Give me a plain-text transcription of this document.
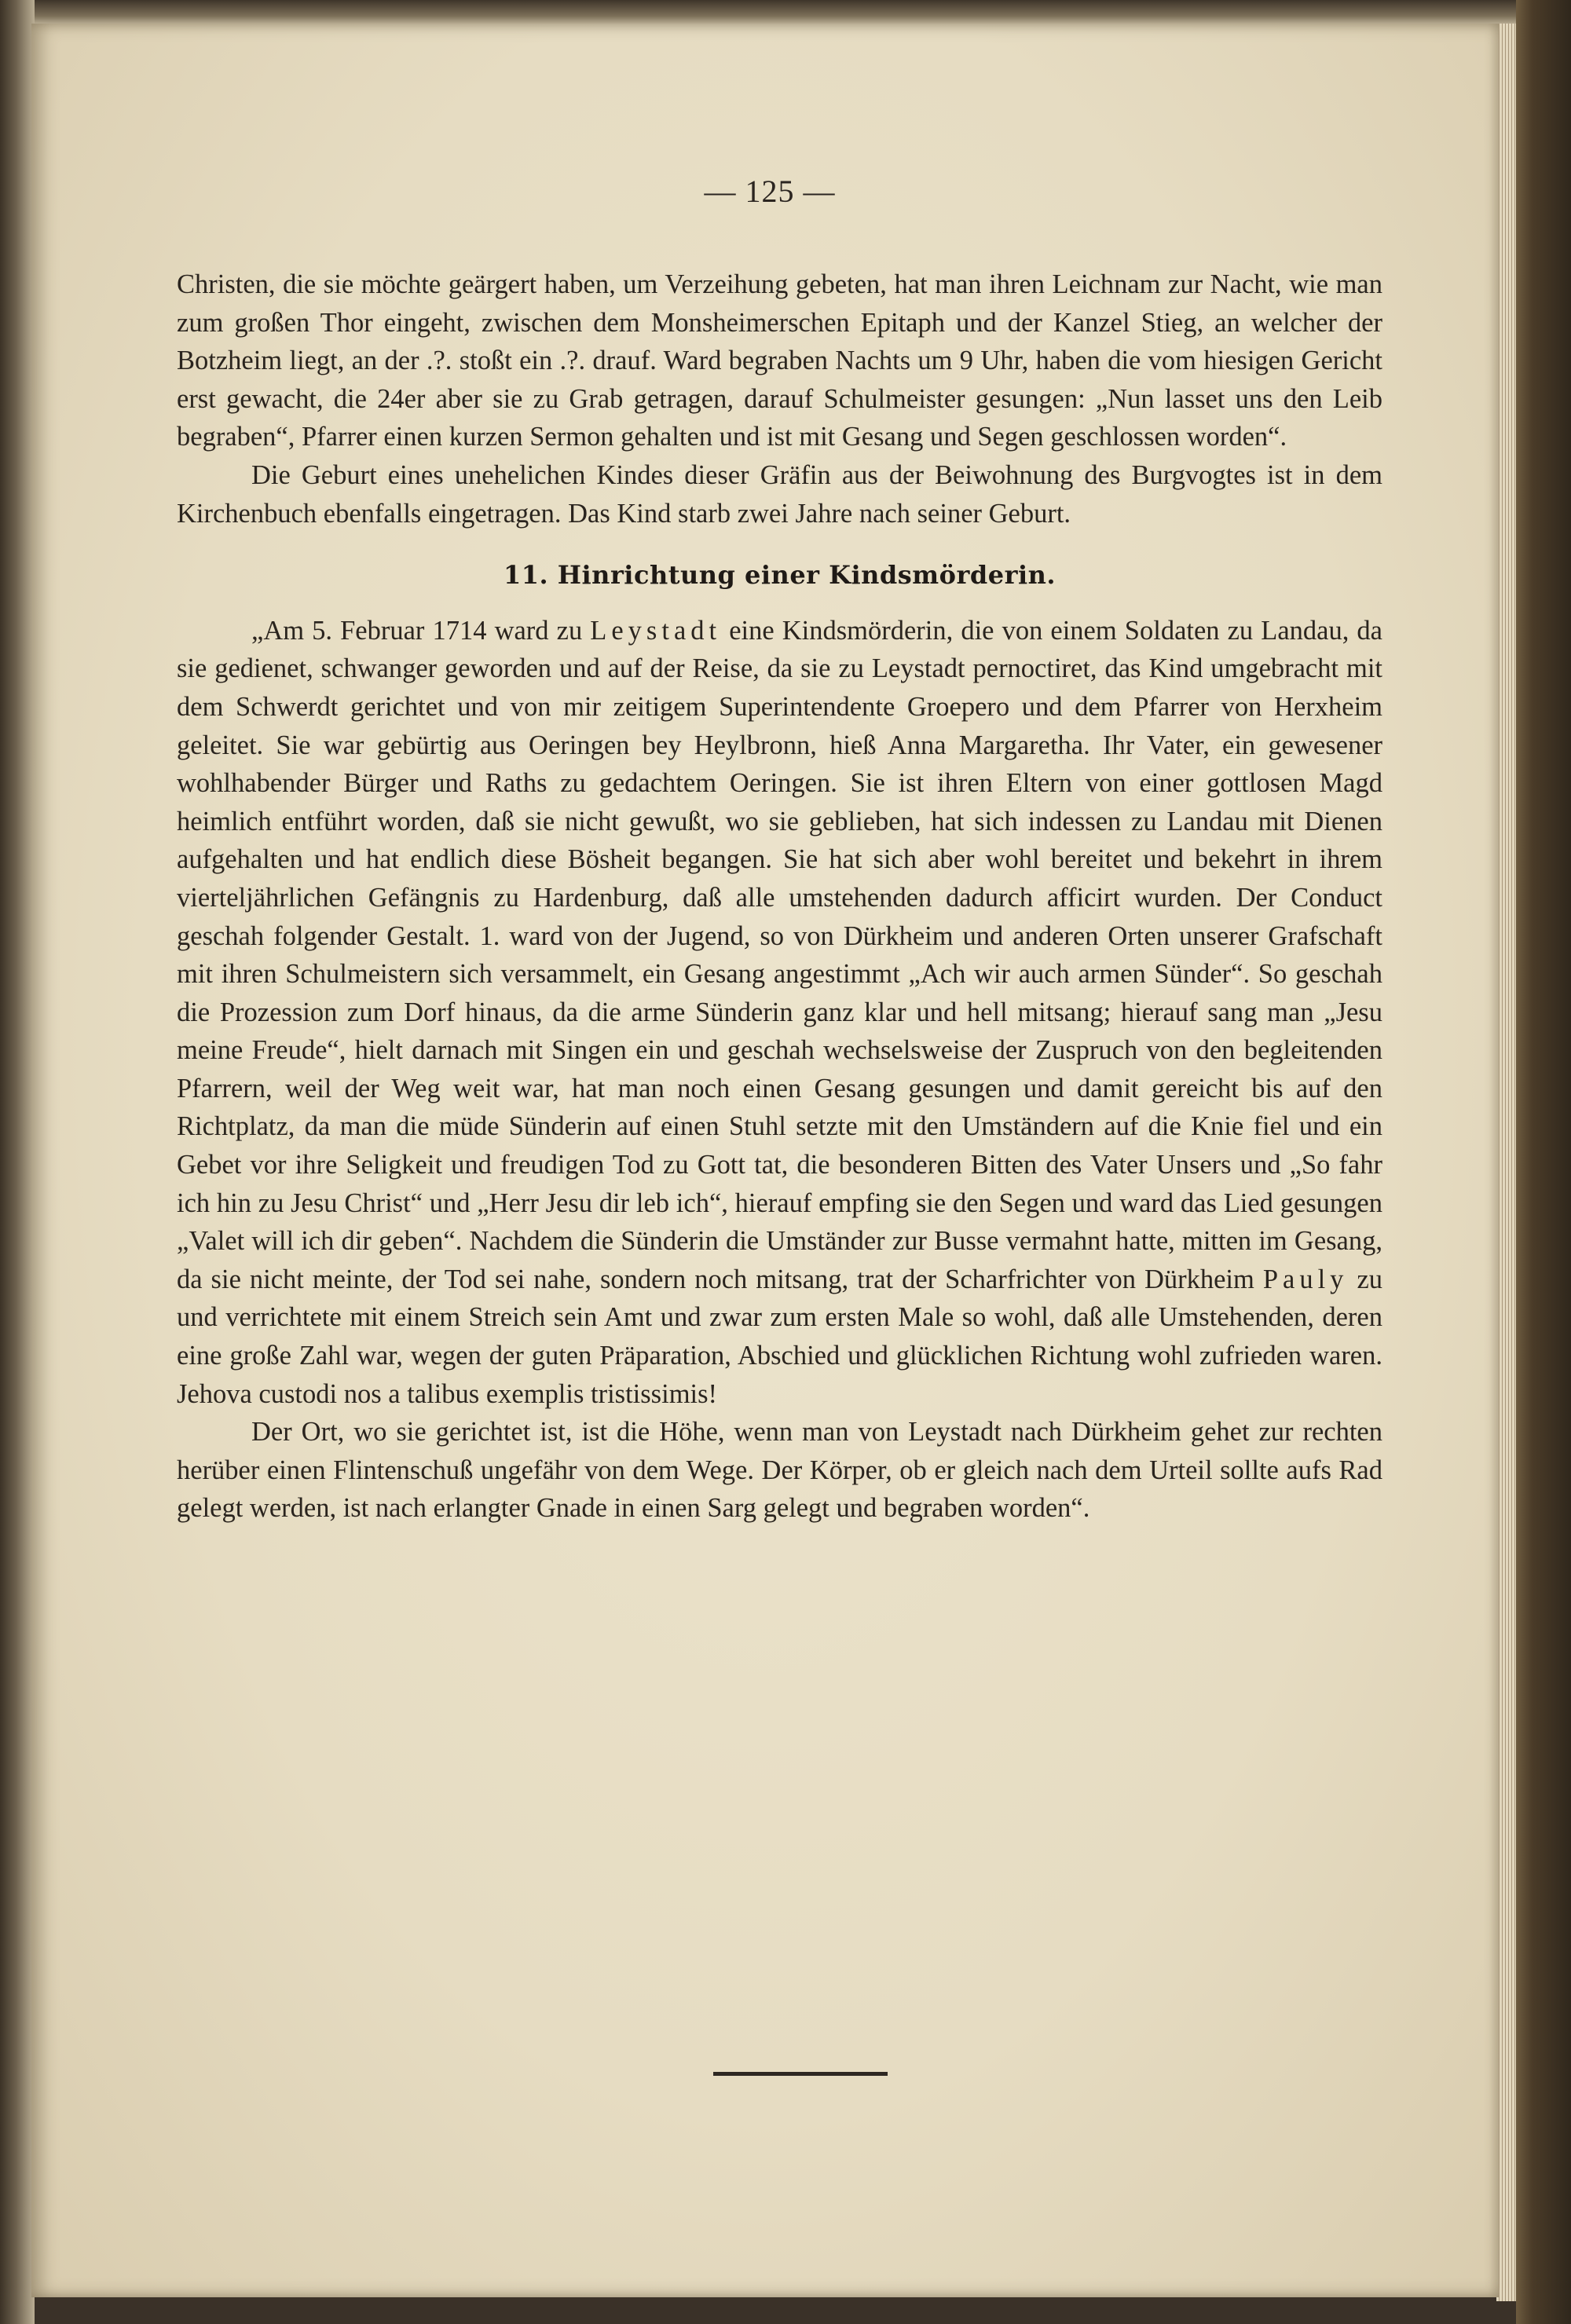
— 125 —

Christen, die sie möchte geärgert haben, um Verzeihung gebeten, hat man ihren Leichnam zur Nacht, wie man zum großen Thor eingeht, zwischen dem Monsheimerschen Epitaph und der Kanzel Stieg, an welcher der Botzheim liegt, an der .?. stoßt ein .?. drauf. Ward begraben Nachts um 9 Uhr, haben die vom hiesigen Gericht erst gewacht, die 24er aber sie zu Grab getragen, darauf Schulmeister gesungen: „Nun lasset uns den Leib begraben“, Pfarrer einen kurzen Sermon gehalten und ist mit Gesang und Segen geschlossen worden“.

Die Geburt eines unehelichen Kindes dieser Gräfin aus der Beiwohnung des Burgvogtes ist in dem Kirchenbuch ebenfalls eingetragen. Das Kind starb zwei Jahre nach seiner Geburt.

11. Hinrichtung einer Kindsmörderin.

„Am 5. Februar 1714 ward zu Leystadt eine Kindsmörderin, die von einem Soldaten zu Landau, da sie gedienet, schwanger geworden und auf der Reise, da sie zu Leystadt pernoctiret, das Kind umgebracht mit dem Schwerdt gerichtet und von mir zeitigem Superintendente Groepero und dem Pfarrer von Herxheim geleitet. Sie war gebürtig aus Oeringen bey Heylbronn, hieß Anna Margaretha. Ihr Vater, ein gewesener wohlhabender Bürger und Raths zu gedachtem Oeringen. Sie ist ihren Eltern von einer gottlosen Magd heimlich entführt worden, daß sie nicht gewußt, wo sie geblieben, hat sich indessen zu Landau mit Dienen aufgehalten und hat endlich diese Bösheit begangen. Sie hat sich aber wohl bereitet und bekehrt in ihrem vierteljährlichen Gefängnis zu Hardenburg, daß alle umstehenden dadurch afficirt wurden. Der Conduct geschah folgender Gestalt. 1. ward von der Jugend, so von Dürkheim und anderen Orten unserer Grafschaft mit ihren Schulmeistern sich versammelt, ein Gesang angestimmt „Ach wir auch armen Sünder“. So geschah die Prozession zum Dorf hinaus, da die arme Sünderin ganz klar und hell mitsang; hierauf sang man „Jesu meine Freude“, hielt darnach mit Singen ein und geschah wechselsweise der Zuspruch von den begleitenden Pfarrern, weil der Weg weit war, hat man noch einen Gesang gesungen und damit gereicht bis auf den Richtplatz, da man die müde Sünderin auf einen Stuhl setzte mit den Umständern auf die Knie fiel und ein Gebet vor ihre Seligkeit und freudigen Tod zu Gott tat, die besonderen Bitten des Vater Unsers und „So fahr ich hin zu Jesu Christ“ und „Herr Jesu dir leb ich“, hierauf empfing sie den Segen und ward das Lied gesungen „Valet will ich dir geben“. Nachdem die Sünderin die Umständer zur Busse vermahnt hatte, mitten im Gesang, da sie nicht meinte, der Tod sei nahe, sondern noch mitsang, trat der Scharfrichter von Dürkheim Pauly zu und verrichtete mit einem Streich sein Amt und zwar zum ersten Male so wohl, daß alle Umstehenden, deren eine große Zahl war, wegen der guten Präparation, Abschied und glücklichen Richtung wohl zufrieden waren. Jehova custodi nos a talibus exemplis tristissimis!

Der Ort, wo sie gerichtet ist, ist die Höhe, wenn man von Leystadt nach Dürkheim gehet zur rechten herüber einen Flintenschuß ungefähr von dem Wege. Der Körper, ob er gleich nach dem Urteil sollte aufs Rad gelegt werden, ist nach erlangter Gnade in einen Sarg gelegt und begraben worden“.
